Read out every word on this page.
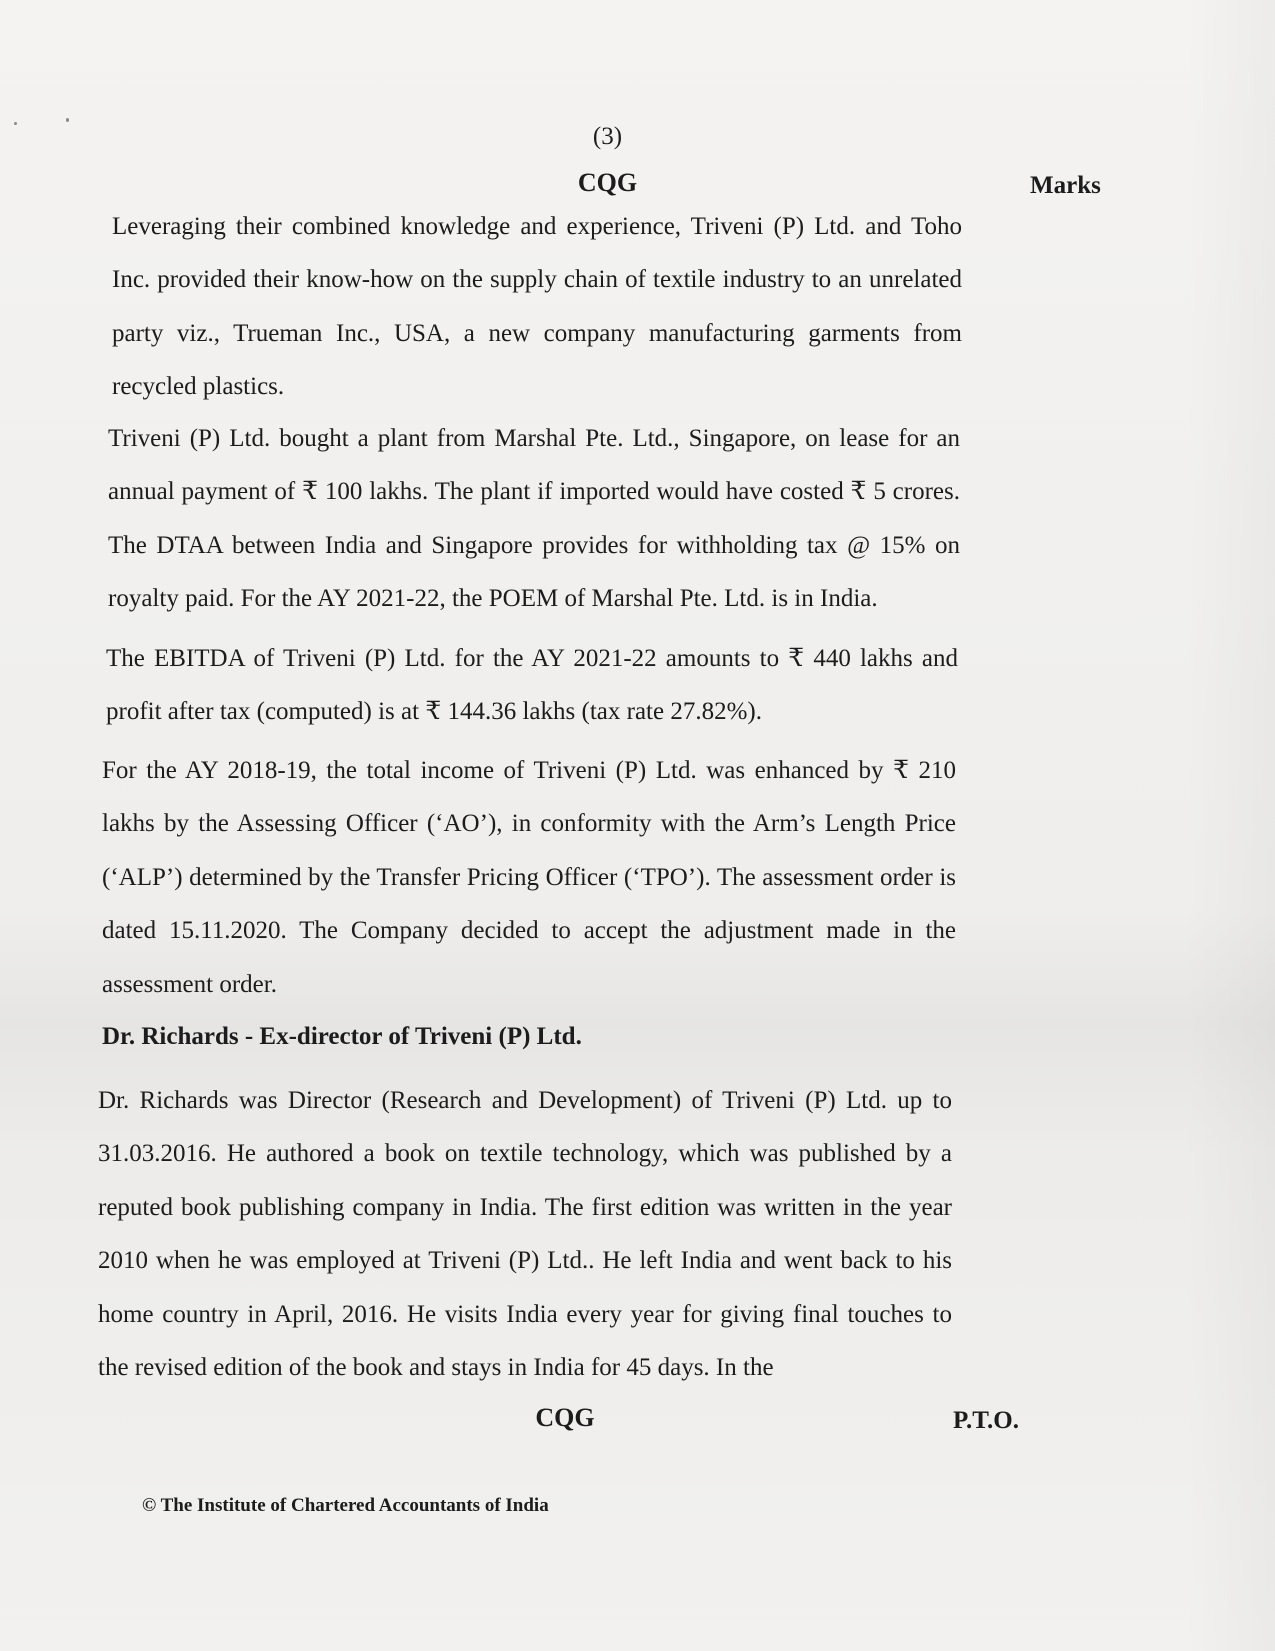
(3)
CQG	Marks

Leveraging their combined knowledge and experience, Triveni (P) Ltd. and Toho Inc. provided their know-how on the supply chain of textile industry to an unrelated party viz., Trueman Inc., USA, a new company manufacturing garments from recycled plastics.

Triveni (P) Ltd. bought a plant from Marshal Pte. Ltd., Singapore, on lease for an annual payment of ₹ 100 lakhs. The plant if imported would have costed ₹ 5 crores. The DTAA between India and Singapore provides for withholding tax @ 15% on royalty paid. For the AY 2021-22, the POEM of Marshal Pte. Ltd. is in India.

The EBITDA of Triveni (P) Ltd. for the AY 2021-22 amounts to ₹ 440 lakhs and profit after tax (computed) is at ₹ 144.36 lakhs (tax rate 27.82%).

For the AY 2018-19, the total income of Triveni (P) Ltd. was enhanced by ₹ 210 lakhs by the Assessing Officer (‘AO’), in conformity with the Arm’s Length Price (‘ALP’) determined by the Transfer Pricing Officer (‘TPO’). The assessment order is dated 15.11.2020. The Company decided to accept the adjustment made in the assessment order.

Dr. Richards - Ex-director of Triveni (P) Ltd.

Dr. Richards was Director (Research and Development) of Triveni (P) Ltd. up to 31.03.2016. He authored a book on textile technology, which was published by a reputed book publishing company in India. The first edition was written in the year 2010 when he was employed at Triveni (P) Ltd.. He left India and went back to his home country in April, 2016. He visits India every year for giving final touches to the revised edition of the book and stays in India for 45 days. In the

CQG	P.T.O.
© The Institute of Chartered Accountants of India
